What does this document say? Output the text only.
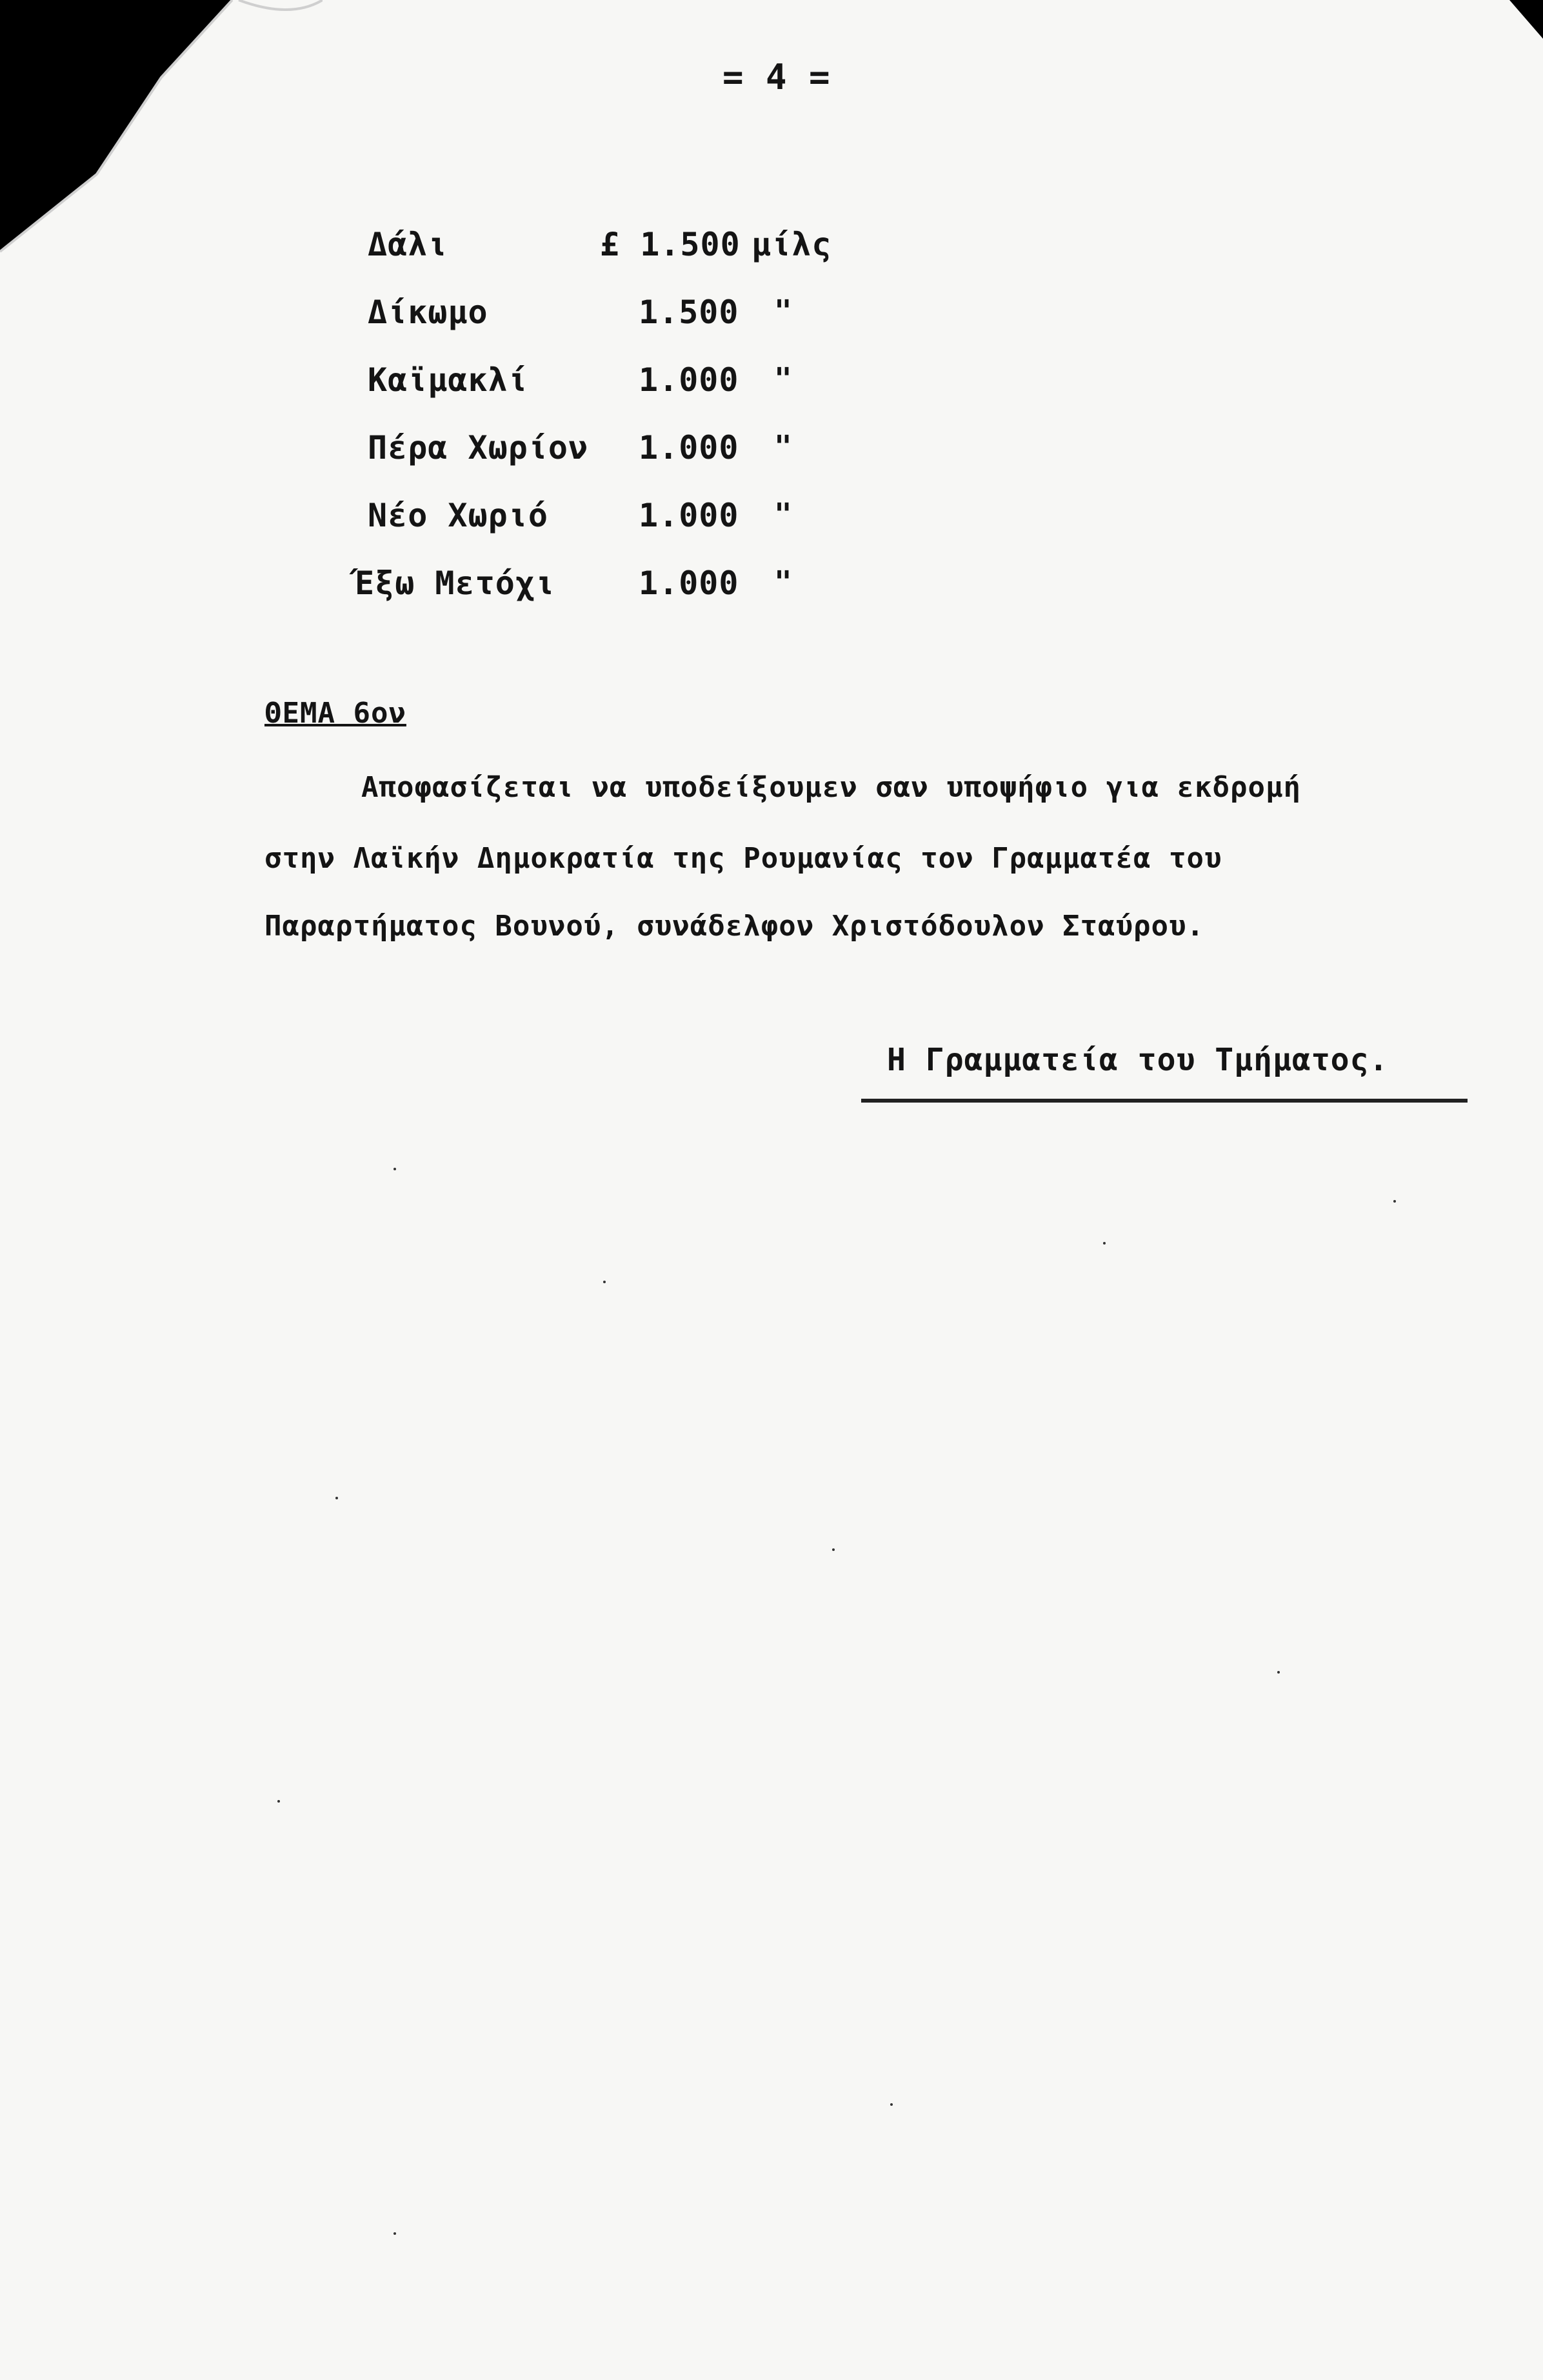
= 4 =
Δάλι	£ 1.500 μίλς
Δίκωμο	1.500 "
Καϊμακλί	1.000 "
Πέρα Χωρίον 1.000 "
Νέο Χωριό	1.000 "
Έξω Μετόχι	1.000 "
ΘΕΜΑ 6ον
Αποφασίζεται να υποδείξουμεν σαν υποψήφιο για εκδρομή
στην Λαϊκήν Δημοκρατία της Ρουμανίας τον Γραμματέα του
Παραρτήματος Βουνού, συνάδελφον Χριστόδουλον Σταύρου.
Η Γραμματεία του Τμήματος.
